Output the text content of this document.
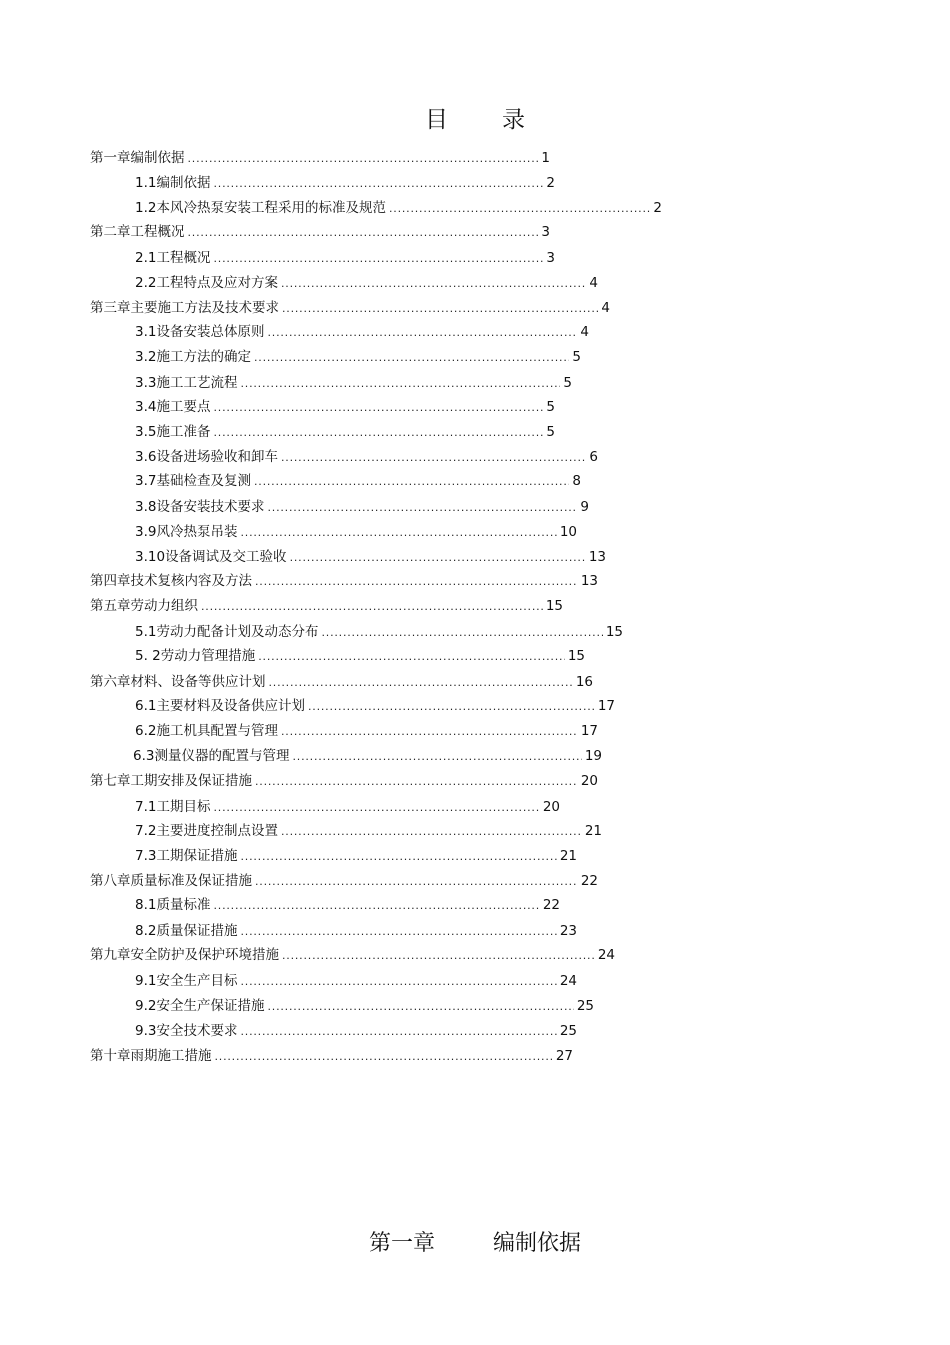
目 录
第一章 编制依据 .....	1
1.1 编制依据 .....	2
1.2 本风冷热泵安装工程采用的标准及规范 .....	2
第二章 工程概况 .....	3
2.1 工程概况 .....	3
2.2 工程特点及应对方案 .....	4
第三章 主要施工方法及技术要求 .....	4
3.1 设备安装总体原则 .....	4
3.2 施工方法的确定 .....	5
3.3 施工工艺流程 .....	5
3.4 施工要点 .....	5
3.5 施工准备 .....	5
3.6 设备进场验收和卸车 .....	6
3.7 基础检查及复测 .....	8
3.8 设备安装技术要求 .....	9
3.9 风冷热泵吊装 .....	10
3.10 设备调试及交工验收 .....	13
第四章 技术复核内容及方法 .....	13
第五章 劳动力组织 .....	15
5.1 劳动力配备计划及动态分布 .....	15
5. 2 劳动力管理措施 .....	15
第六章 材料、设备等供应计划 .....	16
6.1 主要材料及设备供应计划 .....	17
6.2 施工机具配置与管理 .....	17
6.3 测量仪器的配置与管理 .....	19
第七章 工期安排及保证措施 .....	20
7.1 工期目标 .....	20
7.2 主要进度控制点设置 .....	21
7.3 工期保证措施 .....	21
第八章 质量标准及保证措施 .....	22
8.1 质量标准 .....	22
8.2 质量保证措施 .....	23
第九章 安全防护及保护环境措施 .....	24
9.1 安全生产目标 .....	24
9.2 安全生产保证措施 .....	25
9.3 安全技术要求 .....	25
第十章 雨期施工措施 .....	27
第一章	编制依据
